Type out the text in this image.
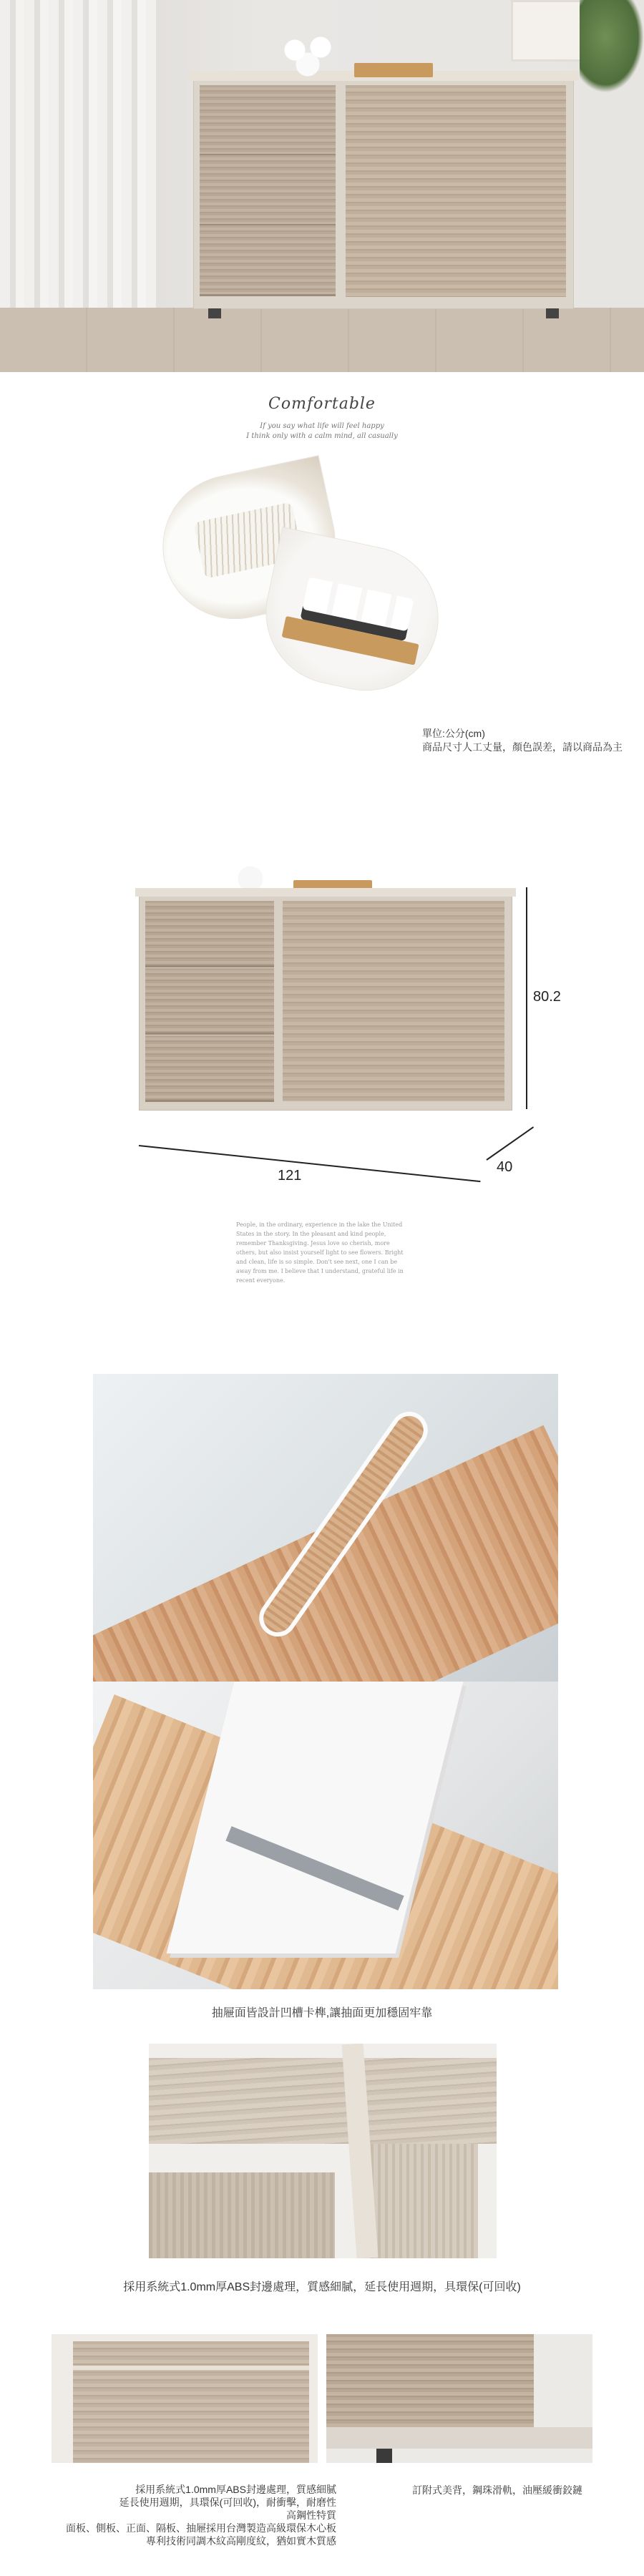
Comfortable
If you say what life will feel happy
I think only with a calm mind, all casually
單位:公分(cm)
商品尺寸人工丈量，顏色誤差，請以商品為主
80.2
121
40
People, in the ordinary, experience in the lake the United States in the story. In the pleasant and kind people, remember Thanksgiving. Jesus love so cherish, more others, but also insist yourself light to see flowers. Bright and clean, life is so simple. Don't see next, one I can be away from me. I believe that I understand, grateful life in recent everyone.
抽屜面皆設計凹槽卡榫,讓抽面更加穩固牢靠
採用系統式1.0mm厚ABS封邊處理，質感細膩，延長使用週期，具環保(可回收)
採用系統式1.0mm厚ABS封邊處理，質感細膩
延長使用週期，具環保(可回收)，耐衝擊，耐磨性
高鋼性特質
面板、側板、正面、隔板、抽屜採用台灣製造高級環保木心板
專利技術同調木紋高剛度紋，猶如實木質感
訂附式美背，鋼珠滑軌，油壓緩衝鉸鏈
